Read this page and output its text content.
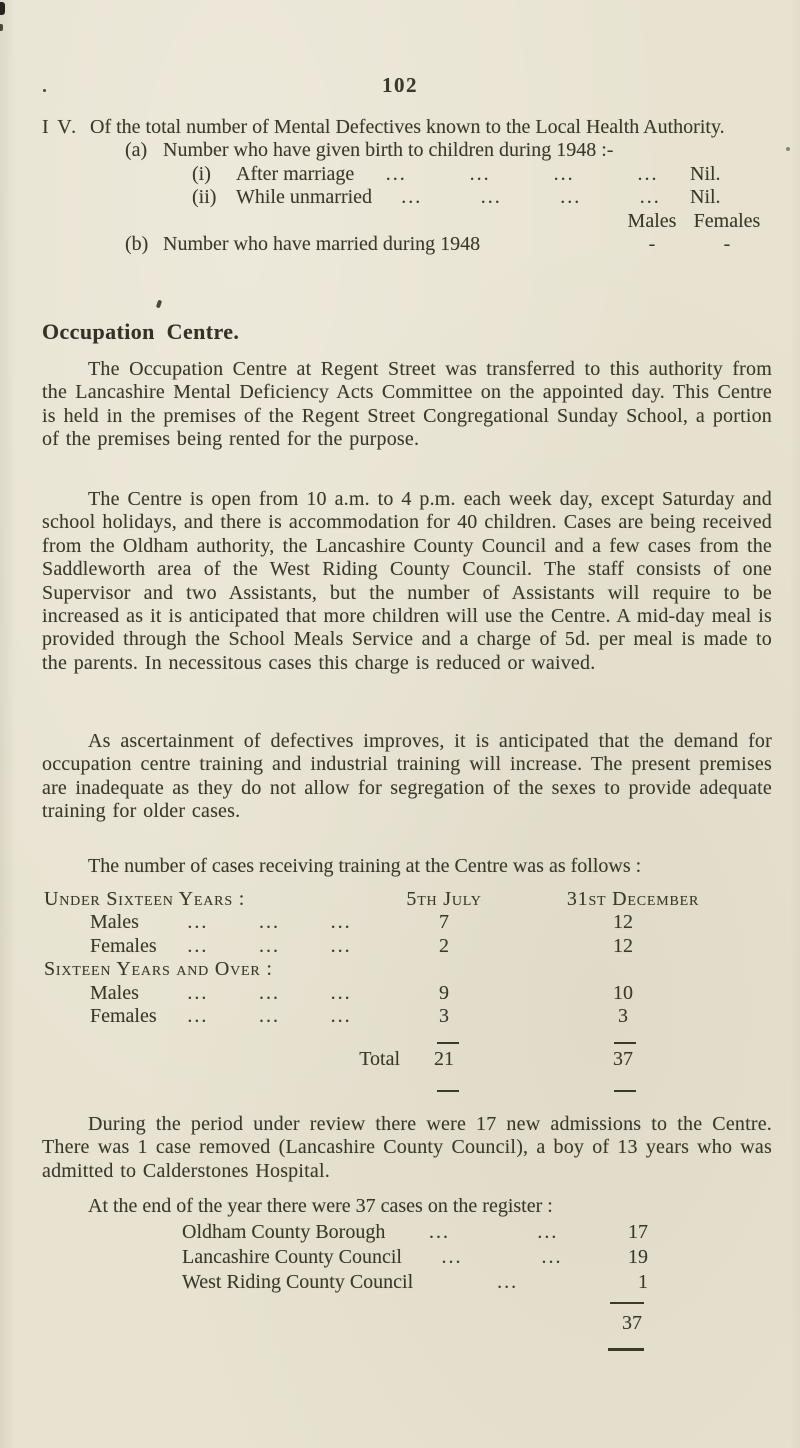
102
I V. Of the total number of Mental Defectives known to the Local Health Authority.
(a) Number who have given birth to children during 1948 :-
(i)	After marriage ...	...	...	... Nil.
(ii) While unmarried ...	...	...	... Nil.
Males Females
(b) Number who have married during 1948	-	-
Occupation Centre.
The Occupation Centre at Regent Street was transferred to this authority from the Lancashire Mental Deficiency Acts Committee on the appointed day. This Centre is held in the premises of the Regent Street Congregational Sunday School, a portion of the premises being rented for the purpose.
The Centre is open from 10 a.m. to 4 p.m. each week day, except Saturday and school holidays, and there is accommodation for 40 children. Cases are being received from the Oldham authority, the Lancashire County Council and a few cases from the Saddleworth area of the West Riding County Council. The staff consists of one Supervisor and two Assistants, but the number of Assistants will require to be increased as it is anticipated that more children will use the Centre. A mid-day meal is provided through the School Meals Service and a charge of 5d. per meal is made to the parents. In necessitous cases this charge is reduced or waived.
As ascertainment of defectives improves, it is anticipated that the demand for occupation centre training and industrial training will increase. The present premises are inadequate as they do not allow for segregation of the sexes to provide adequate training for older cases.
The number of cases receiving training at the Centre was as follows :
Under Sixteen Years :	5th July	31st December
Males	...	...	...	7	12
Females ...	...	...	2	12
Sixteen Years and Over :
Males	...	...	...	9	10
Females ...	...	...	3	3
Total	21	37
During the period under review there were 17 new admissions to the Centre. There was 1 case removed (Lancashire County Council), a boy of 13 years who was admitted to Calderstones Hospital.
At the end of the year there were 37 cases on the register :
Oldham County Borough ...	...	17
Lancashire County Council ...	...	19
West Riding County Council	...	1
37
